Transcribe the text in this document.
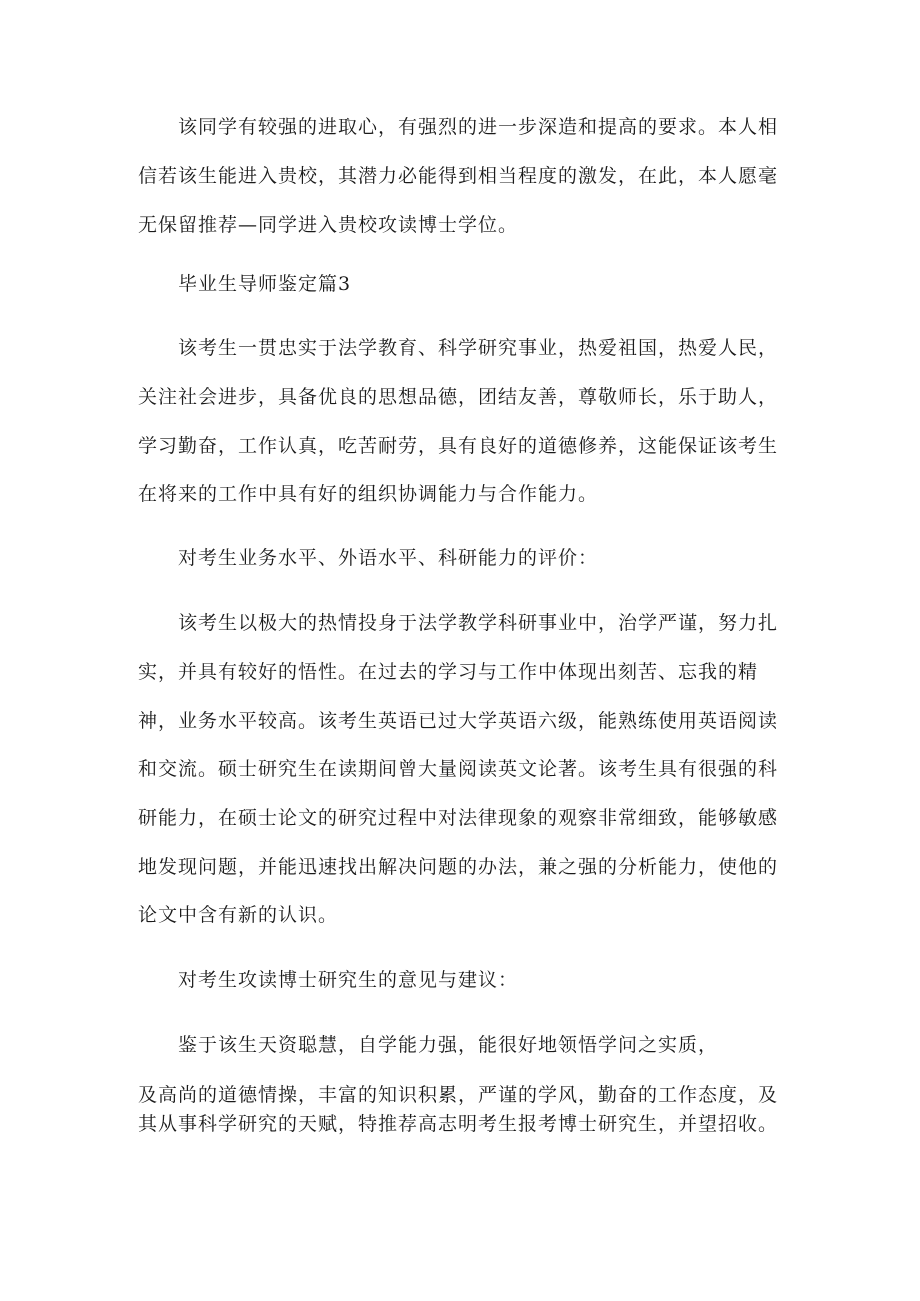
该同学有较强的进取心，有强烈的进一步深造和提高的要求。本人相
信若该生能进入贵校，其潜力必能得到相当程度的激发，在此，本人愿毫
无保留推荐—同学进入贵校攻读博士学位。
毕业生导师鉴定篇3
该考生一贯忠实于法学教育、科学研究事业，热爱祖国，热爱人民，
关注社会进步，具备优良的思想品德，团结友善，尊敬师长，乐于助人，
学习勤奋，工作认真，吃苦耐劳，具有良好的道德修养，这能保证该考生
在将来的工作中具有好的组织协调能力与合作能力。
对考生业务水平、外语水平、科研能力的评价：
该考生以极大的热情投身于法学教学科研事业中，治学严谨，努力扎
实，并具有较好的悟性。在过去的学习与工作中体现出刻苦、忘我的精
神，业务水平较高。该考生英语已过大学英语六级，能熟练使用英语阅读
和交流。硕士研究生在读期间曾大量阅读英文论著。该考生具有很强的科
研能力，在硕士论文的研究过程中对法律现象的观察非常细致，能够敏感
地发现问题，并能迅速找出解决问题的办法，兼之强的分析能力，使他的
论文中含有新的认识。
对考生攻读博士研究生的意见与建议：
鉴于该生天资聪慧，自学能力强，能很好地领悟学问之实质，
及高尚的道德情操，丰富的知识积累，严谨的学风，勤奋的工作态度，及
其从事科学研究的天赋，特推荐高志明考生报考博士研究生，并望招收。
